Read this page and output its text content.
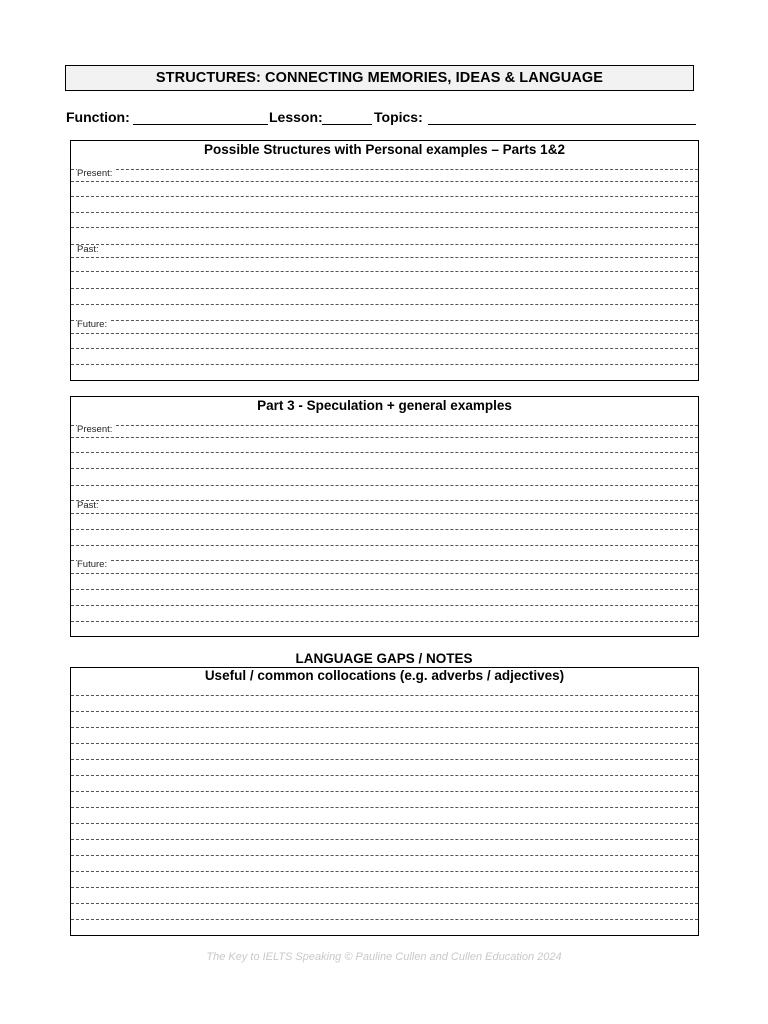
STRUCTURES: CONNECTING MEMORIES, IDEAS & LANGUAGE
Function:	Lesson:	Topics:
Possible Structures with Personal examples – Parts 1&2
Present:
Past:
Future:
Part 3 - Speculation + general examples
Present:
Past:
Future:
LANGUAGE GAPS / NOTES
Useful / common collocations (e.g. adverbs / adjectives)
The Key to IELTS Speaking © Pauline Cullen and Cullen Education 2024
